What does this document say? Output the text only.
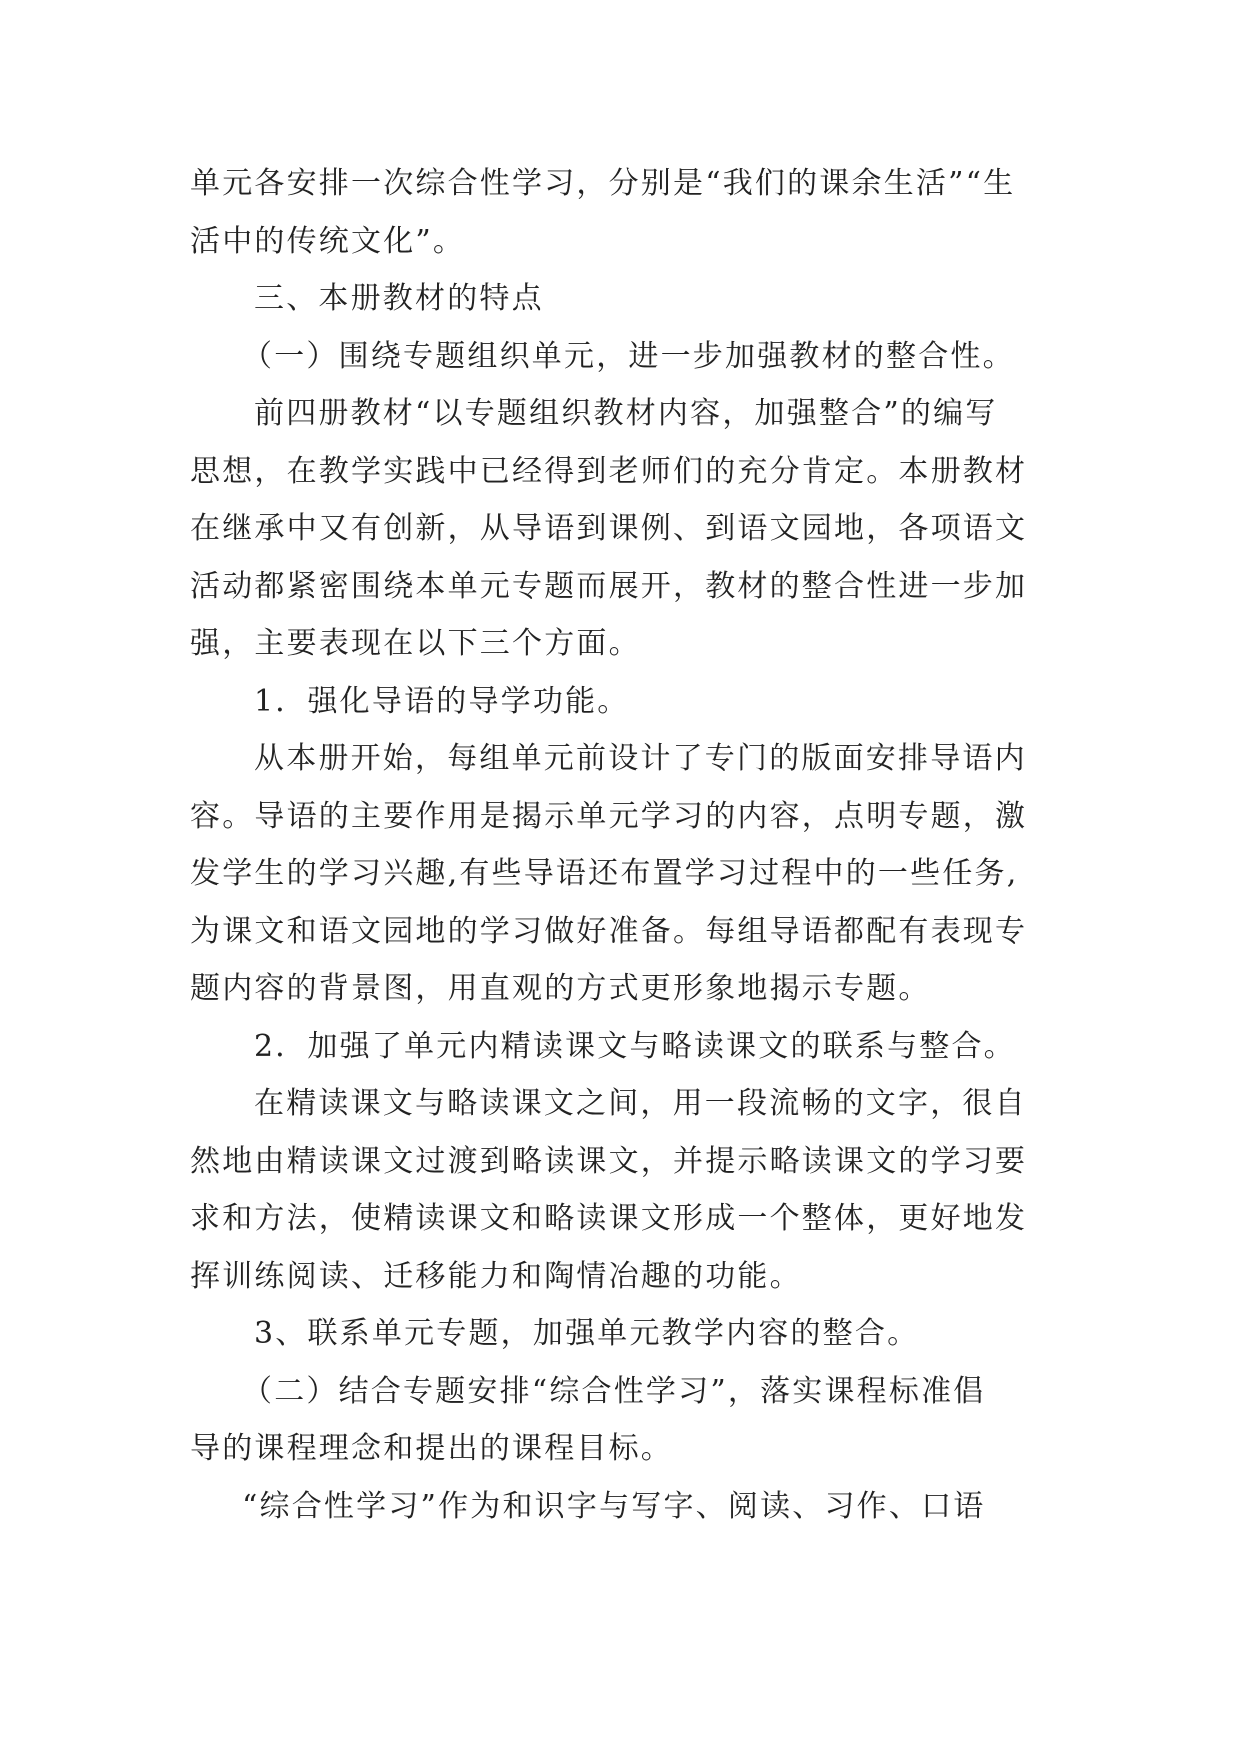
单元各安排一次综合性学习，分别是“我们的课余生活”“生
活中的传统文化”。
三、本册教材的特点
（一）围绕专题组织单元，进一步加强教材的整合性。
前四册教材“以专题组织教材内容，加强整合”的编写
思想，在教学实践中已经得到老师们的充分肯定。本册教材
在继承中又有创新，从导语到课例、到语文园地，各项语文
活动都紧密围绕本单元专题而展开，教材的整合性进一步加
强，主要表现在以下三个方面。
1．强化导语的导学功能。
从本册开始，每组单元前设计了专门的版面安排导语内
容。导语的主要作用是揭示单元学习的内容，点明专题，激
发学生的学习兴趣,有些导语还布置学习过程中的一些任务,
为课文和语文园地的学习做好准备。每组导语都配有表现专
题内容的背景图，用直观的方式更形象地揭示专题。
2．加强了单元内精读课文与略读课文的联系与整合。
在精读课文与略读课文之间，用一段流畅的文字，很自
然地由精读课文过渡到略读课文，并提示略读课文的学习要
求和方法，使精读课文和略读课文形成一个整体，更好地发
挥训练阅读、迁移能力和陶情冶趣的功能。
3、联系单元专题，加强单元教学内容的整合。
（二）结合专题安排“综合性学习”，落实课程标准倡
导的课程理念和提出的课程目标。
“综合性学习”作为和识字与写字、阅读、习作、口语
